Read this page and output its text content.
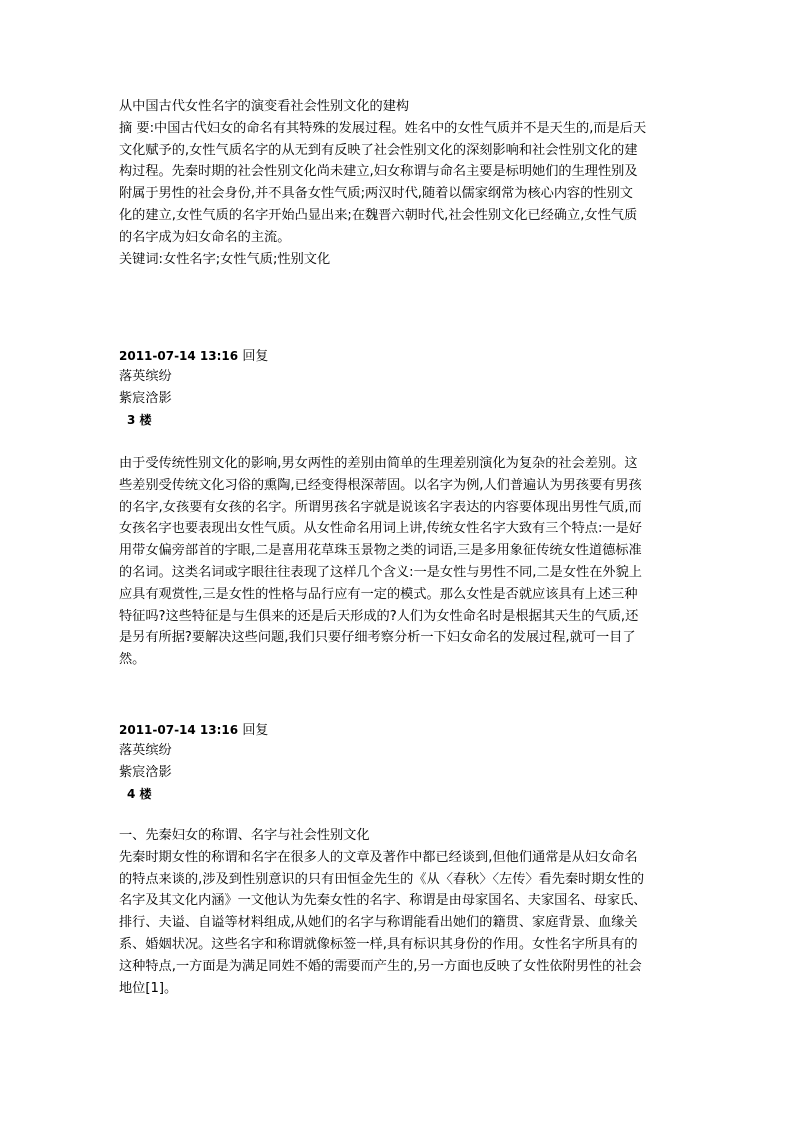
从中国古代女性名字的演变看社会性别文化的建构

摘 要:中国古代妇女的命名有其特殊的发展过程。姓名中的女性气质并不是天生的,而是后天

文化赋予的,女性气质名字的从无到有反映了社会性别文化的深刻影响和社会性别文化的建

构过程。先秦时期的社会性别文化尚未建立,妇女称谓与命名主要是标明她们的生理性别及

附属于男性的社会身份,并不具备女性气质;两汉时代,随着以儒家纲常为核心内容的性别文

化的建立,女性气质的名字开始凸显出来;在魏晋六朝时代,社会性别文化已经确立,女性气质

的名字成为妇女命名的主流。

关键词:女性名字;女性气质;性别文化

2011-07-14 13:16 回复

落英缤纷

紫宸浛影

3 楼

由于受传统性别文化的影响,男女两性的差别由简单的生理差别演化为复杂的社会差别。这

些差别受传统文化习俗的熏陶,已经变得根深蒂固。以名字为例,人们普遍认为男孩要有男孩

的名字,女孩要有女孩的名字。所谓男孩名字就是说该名字表达的内容要体现出男性气质,而

女孩名字也要表现出女性气质。从女性命名用词上讲,传统女性名字大致有三个特点:一是好

用带女偏旁部首的字眼,二是喜用花草珠玉景物之类的词语,三是多用象征传统女性道德标准

的名词。这类名词或字眼往往表现了这样几个含义:一是女性与男性不同,二是女性在外貌上

应具有观赏性,三是女性的性格与品行应有一定的模式。那么女性是否就应该具有上述三种

特征吗?这些特征是与生俱来的还是后天形成的?人们为女性命名时是根据其天生的气质,还

是另有所据?要解决这些问题,我们只要仔细考察分析一下妇女命名的发展过程,就可一目了

然。

2011-07-14 13:16 回复

落英缤纷

紫宸浛影

4 楼

一、先秦妇女的称谓、名字与社会性别文化

先秦时期女性的称谓和名字在很多人的文章及著作中都已经谈到,但他们通常是从妇女命名

的特点来谈的,涉及到性别意识的只有田恒金先生的《从〈春秋〉〈左传〉看先秦时期女性的

名字及其文化内涵》一文他认为先秦女性的名字、称谓是由母家国名、夫家国名、母家氏、

排行、夫谥、自谥等材料组成,从她们的名字与称谓能看出她们的籍贯、家庭背景、血缘关

系、婚姻状况。这些名字和称谓就像标签一样,具有标识其身份的作用。女性名字所具有的

这种特点,一方面是为满足同姓不婚的需要而产生的,另一方面也反映了女性依附男性的社会

地位[1]。
